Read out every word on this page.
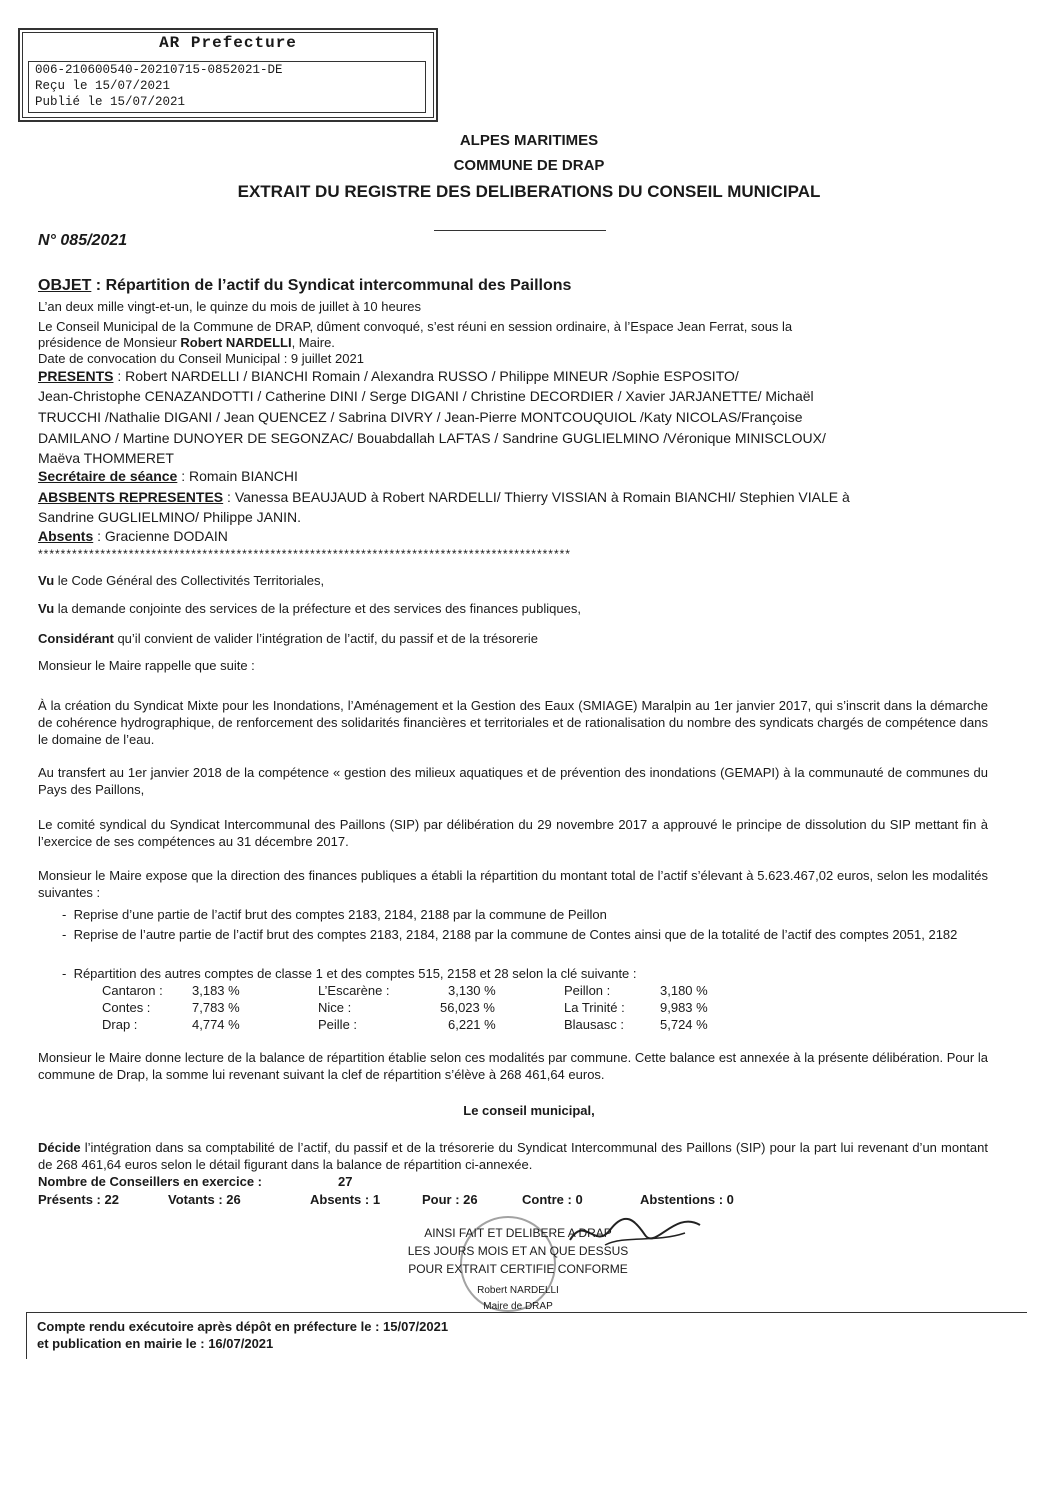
AR Prefecture
006-210600540-20210715-0852021-DE
Reçu le 15/07/2021
Publié le 15/07/2021
ALPES MARITIMES
COMMUNE DE DRAP
EXTRAIT DU REGISTRE DES DELIBERATIONS DU CONSEIL MUNICIPAL
N° 085/2021
OBJET : Répartition de l’actif du Syndicat intercommunal des Paillons
L’an deux mille vingt-et-un, le quinze du mois de juillet à 10 heures
Le Conseil Municipal de la Commune de DRAP, dûment convoqué, s’est réuni en session ordinaire, à l’Espace Jean Ferrat, sous la
présidence de Monsieur Robert NARDELLI, Maire.
Date de convocation du Conseil Municipal : 9 juillet 2021
PRESENTS : Robert NARDELLI / BIANCHI Romain / Alexandra RUSSO / Philippe MINEUR /Sophie ESPOSITO/
Jean-Christophe CENAZANDOTTI / Catherine DINI / Serge DIGANI / Christine DECORDIER / Xavier JARJANETTE/ Michaël
TRUCCHI /Nathalie DIGANI / Jean QUENCEZ / Sabrina DIVRY / Jean-Pierre MONTCOUQUIOL /Katy NICOLAS/Françoise
DAMILANO / Martine DUNOYER DE SEGONZAC/ Bouabdallah LAFTAS / Sandrine GUGLIELMINO /Véronique MINISCLOUX/
Maëva THOMMERET
Secrétaire de séance : Romain BIANCHI
ABSBENTS REPRESENTES : Vanessa BEAUJAUD à Robert NARDELLI/ Thierry VISSIAN à Romain BIANCHI/ Stephien VIALE à
Sandrine GUGLIELMINO/ Philippe JANIN.
Absents : Gracienne DODAIN
**********************************************************************************************
Vu le Code Général des Collectivités Territoriales,
Vu la demande conjointe des services de la préfecture et des services des finances publiques,
Considérant qu’il convient de valider l’intégration de l’actif, du passif et de la trésorerie
Monsieur le Maire rappelle que suite :
À la création du Syndicat Mixte pour les Inondations, l’Aménagement et la Gestion des Eaux (SMIAGE) Maralpin au 1er janvier 2017, qui s’inscrit dans la démarche de cohérence hydrographique, de renforcement des solidarités financières et territoriales et de rationalisation du nombre des syndicats chargés de compétence dans le domaine de l’eau.
Au transfert au 1er janvier 2018 de la compétence « gestion des milieux aquatiques et de prévention des inondations (GEMAPI) à la communauté de communes du Pays des Paillons,
Le comité syndical du Syndicat Intercommunal des Paillons (SIP) par délibération du 29 novembre 2017 a approuvé le principe de dissolution du SIP mettant fin à l’exercice de ses compétences au 31 décembre 2017.
Monsieur le Maire expose que la direction des finances publiques a établi la répartition du montant total de l’actif s’élevant à 5.623.467,02 euros, selon les modalités suivantes :
-  Reprise d’une partie de l’actif brut des comptes 2183, 2184, 2188 par la commune de Peillon
-  Reprise de l’autre partie de l’actif brut des comptes 2183, 2184, 2188 par la commune de Contes ainsi que de la totalité de l’actif des comptes 2051, 2182
-  Répartition des autres comptes de classe 1 et des comptes 515, 2158 et 28 selon la clé suivante :
Cantaron : 3,183 %	L’Escarène :	3,130 %	Peillon :	3,180 %
Contes :	7,783 %	Nice :	56,023 %	La Trinité :	9,983 %
Drap :	4,774 %	Peille :	6,221 %	Blausasc :	5,724 %
Monsieur le Maire donne lecture de la balance de répartition établie selon ces modalités par commune. Cette balance est annexée à la présente délibération. Pour la commune de Drap, la somme lui revenant suivant la clef de répartition s’élève à 268 461,64 euros.
Le conseil municipal,
Décide l’intégration dans sa comptabilité de l’actif, du passif et de la trésorerie du Syndicat Intercommunal des Paillons (SIP) pour la part lui revenant d’un montant de 268 461,64 euros selon le détail figurant dans la balance de répartition ci-annexée.
Nombre de Conseillers en exercice :	27
Présents : 22	Votants : 26	Absents : 1	Pour : 26	Contre : 0	Abstentions : 0
AINSI FAIT ET DELIBERE A DRAP
LES JOURS MOIS ET AN QUE DESSUS
POUR EXTRAIT CERTIFIE CONFORME
Robert NARDELLI
Maire de DRAP
Compte rendu exécutoire après dépôt en préfecture le : 15/07/2021
et publication en mairie le : 16/07/2021
